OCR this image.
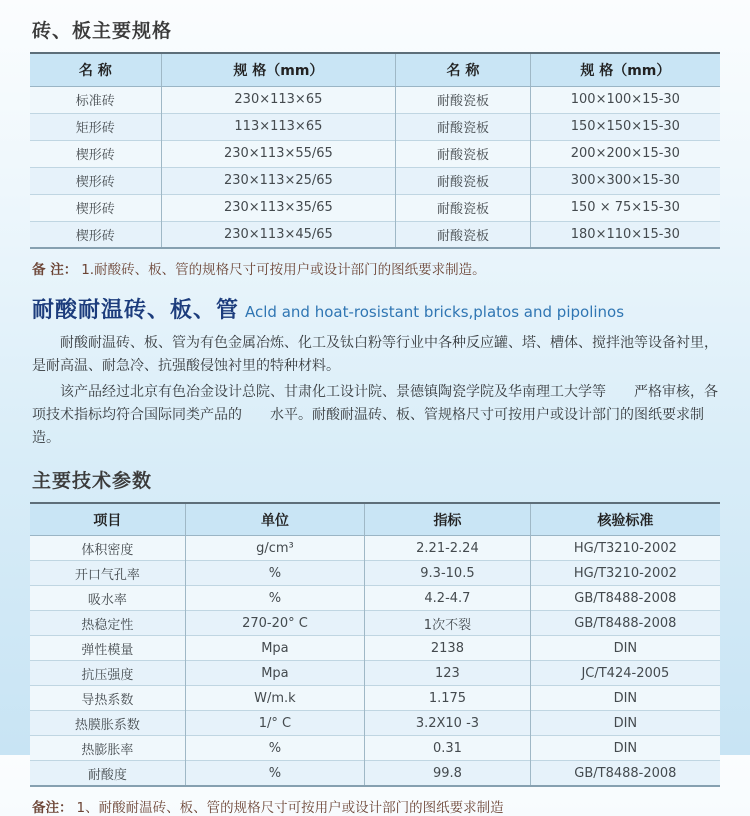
砖、板主要规格
名 称	规 格（mm）	名 称	规 格（mm）
标准砖	230×113×65	耐酸瓷板	100×100×15-30
矩形砖	113×113×65	耐酸瓷板	150×150×15-30
楔形砖	230×113×55/65	耐酸瓷板	200×200×15-30
楔形砖	230×113×25/65	耐酸瓷板	300×300×15-30
楔形砖	230×113×35/65	耐酸瓷板	150 × 75×15-30
楔形砖	230×113×45/65	耐酸瓷板	180×110×15-30

备 注： 1.耐酸砖、板、管的规格尺寸可按用户或设计部门的图纸要求制造。

耐酸耐温砖、板、管 Acld and hoat-rosistant bricks,platos and pipolinos

耐酸耐温砖、板、管为有色金属冶炼、化工及钛白粉等行业中各种反应罐、塔、槽体、搅拌池等设备衬里，是耐高温、耐急冷、抗强酸侵蚀衬里的特种材料。

该产品经过北京有色冶金设计总院、甘肃化工设计院、景德镇陶瓷学院及华南理工大学等　　严格审核，各项技术指标均符合国际同类产品的　　水平。耐酸耐温砖、板、管规格尺寸可按用户或设计部门的图纸要求制造。

主要技术参数
项目	单位	指标	核验标准
体积密度	g/cm³	2.21-2.24	HG/T3210-2002
开口气孔率	%	9.3-10.5	HG/T3210-2002
吸水率	%	4.2-4.7	GB/T8488-2008
热稳定性	270-20° C	1次不裂	GB/T8488-2008
弹性模量	Mpa	2138	DIN
抗压强度	Mpa	123	JC/T424-2005
导热系数	W/m.k	1.175	DIN
热膜胀系数	1/° C	3.2X10 -3	DIN
热膨胀率	%	0.31	DIN
耐酸度	%	99.8	GB/T8488-2008

备注： 1、耐酸耐温砖、板、管的规格尺寸可按用户或设计部门的图纸要求制造
